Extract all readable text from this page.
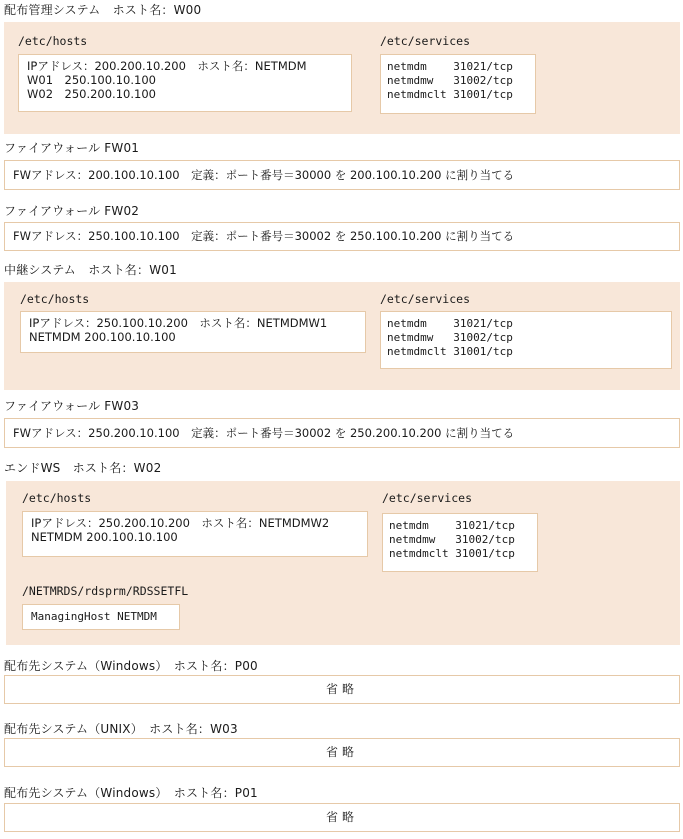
配布管理システム　ホスト名：W00
/etc/hosts
IPアドレス：200.200.10.200　ホスト名：NETMDM
W01　250.100.10.100
W02　250.200.10.100
/etc/services
netmdm    31021/tcp
netmdmw   31002/tcp
netmdmclt 31001/tcp
ファイアウォール FW01
FWアドレス：200.100.10.100　定義：ポート番号＝30000 を 200.100.10.200 に割り当てる
ファイアウォール FW02
FWアドレス：250.100.10.100　定義：ポート番号＝30002 を 250.100.10.200 に割り当てる
中継システム　ホスト名：W01
/etc/hosts
IPアドレス：250.100.10.200　ホスト名：NETMDMW1
NETMDM 200.100.10.100
/etc/services
netmdm    31021/tcp
netmdmw   31002/tcp
netmdmclt 31001/tcp
ファイアウォール FW03
FWアドレス：250.200.10.100　定義：ポート番号＝30002 を 250.200.10.200 に割り当てる
エンドWS　ホスト名：W02
/etc/hosts
IPアドレス：250.200.10.200　ホスト名：NETMDMW2
NETMDM 200.100.10.100
/etc/services
netmdm    31021/tcp
netmdmw   31002/tcp
netmdmclt 31001/tcp
/NETMRDS/rdsprm/RDSSETFL
ManagingHost NETMDM
配布先システム（Windows）　ホスト名：P00
省略
配布先システム（UNIX）　ホスト名：W03
省略
配布先システム（Windows）　ホスト名：P01
省略
